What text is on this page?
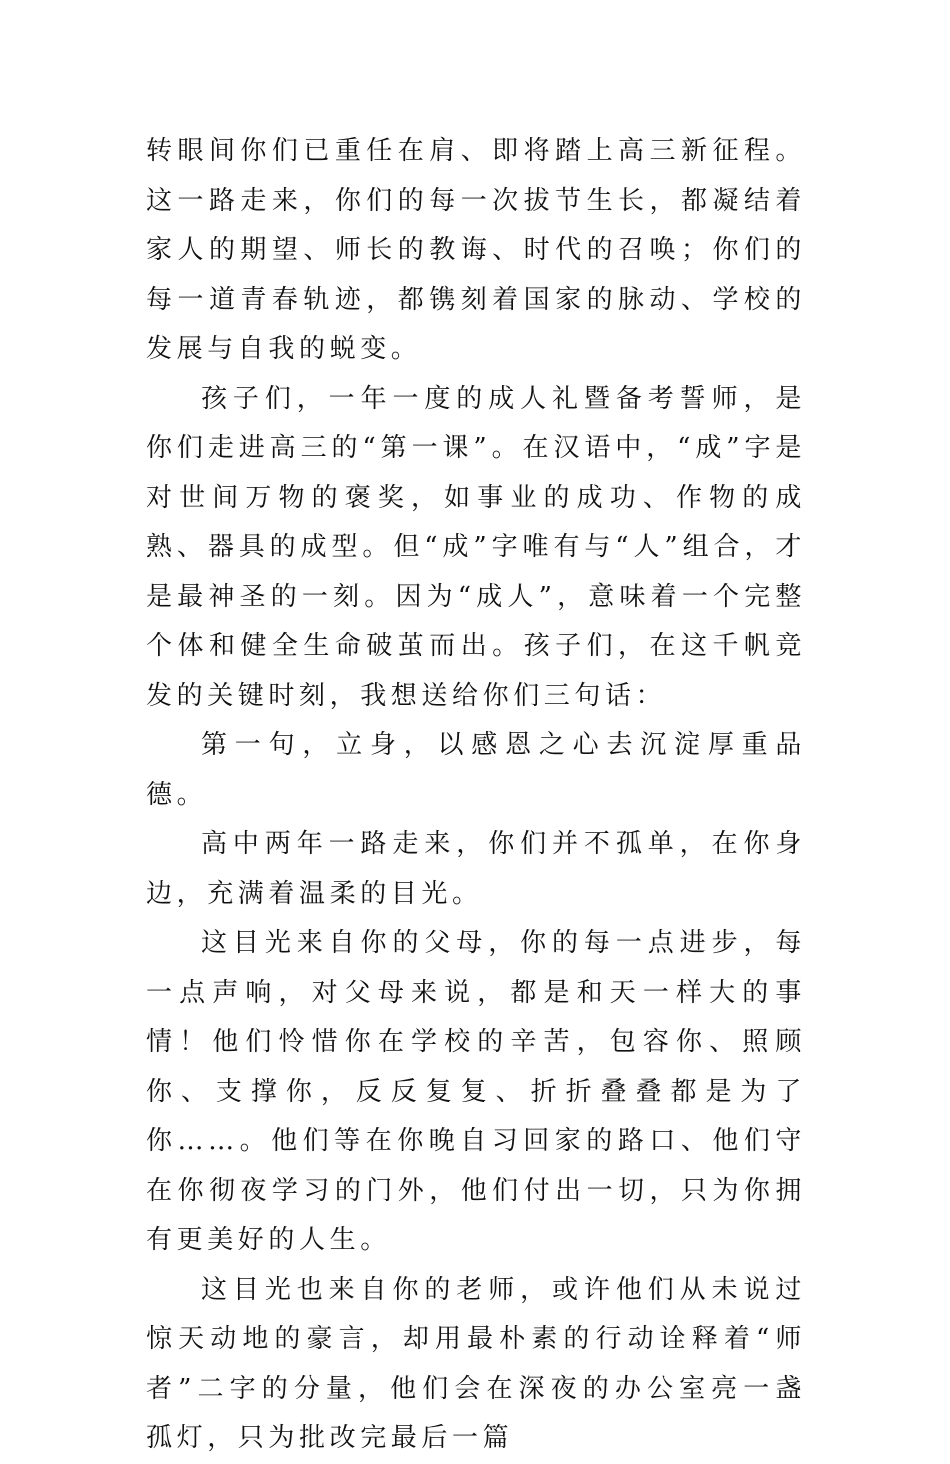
转眼间你们已重任在肩、即将踏上高三新征程。这一路走来，你们的每一次拔节生长，都凝结着家人的期望、师长的教诲、时代的召唤；你们的每一道青春轨迹，都镌刻着国家的脉动、学校的发展与自我的蜕变。

孩子们，一年一度的成人礼暨备考誓师，是你们走进高三的“第一课”。在汉语中，“成”字是对世间万物的褒奖，如事业的成功、作物的成熟、器具的成型。但“成”字唯有与“人”组合，才是最神圣的一刻。因为“成人”，意味着一个完整个体和健全生命破茧而出。孩子们，在这千帆竞发的关键时刻，我想送给你们三句话：

第一句，立身，以感恩之心去沉淀厚重品德。

高中两年一路走来，你们并不孤单，在你身边，充满着温柔的目光。

这目光来自你的父母，你的每一点进步，每一点声响，对父母来说，都是和天一样大的事情！他们怜惜你在学校的辛苦，包容你、照顾你、支撑你，反反复复、折折叠叠都是为了你……。他们等在你晚自习回家的路口、他们守在你彻夜学习的门外，他们付出一切，只为你拥有更美好的人生。

这目光也来自你的老师，或许他们从未说过惊天动地的豪言，却用最朴素的行动诠释着“师者”二字的分量，他们会在深夜的办公室亮一盏孤灯，只为批改完最后一篇
